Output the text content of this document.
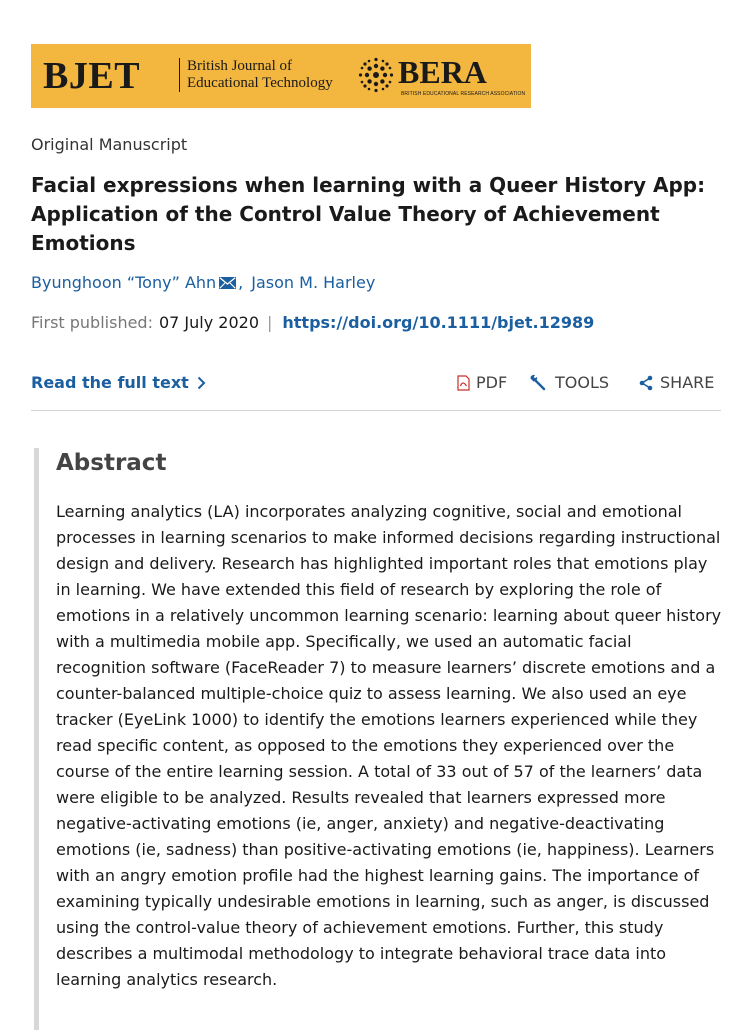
BJET	British Journal of
Educational Technology BERA
BRITISH EDUCATIONAL RESEARCH ASSOCIATION
Original Manuscript
Facial expressions when learning with a Queer History App: Application of the Control Value Theory of Achievement Emotions
Byunghoon “Tony” Ahn , Jason M. Harley
First published: 07 July 2020 | https://doi.org/10.1111/bjet.12989
Read the full text	PDF	TOOLS	SHARE
Abstract

Learning analytics (LA) incorporates analyzing cognitive, social and emotional processes in learning scenarios to make informed decisions regarding instructional design and delivery. Research has highlighted important roles that emotions play in learning. We have extended this field of research by exploring the role of emotions in a relatively uncommon learning scenario: learning about queer history with a multimedia mobile app. Specifically, we used an automatic facial recognition software (FaceReader 7) to measure learners’ discrete emotions and a counter-balanced multiple-choice quiz to assess learning. We also used an eye tracker (EyeLink 1000) to identify the emotions learners experienced while they read specific content, as opposed to the emotions they experienced over the course of the entire learning session. A total of 33 out of 57 of the learners’ data were eligible to be analyzed. Results revealed that learners expressed more negative-activating emotions (ie, anger, anxiety) and negative-deactivating emotions (ie, sadness) than positive-activating emotions (ie, happiness). Learners with an angry emotion profile had the highest learning gains. The importance of examining typically undesirable emotions in learning, such as anger, is discussed using the control-value theory of achievement emotions. Further, this study describes a multimodal methodology to integrate behavioral trace data into learning analytics research.
